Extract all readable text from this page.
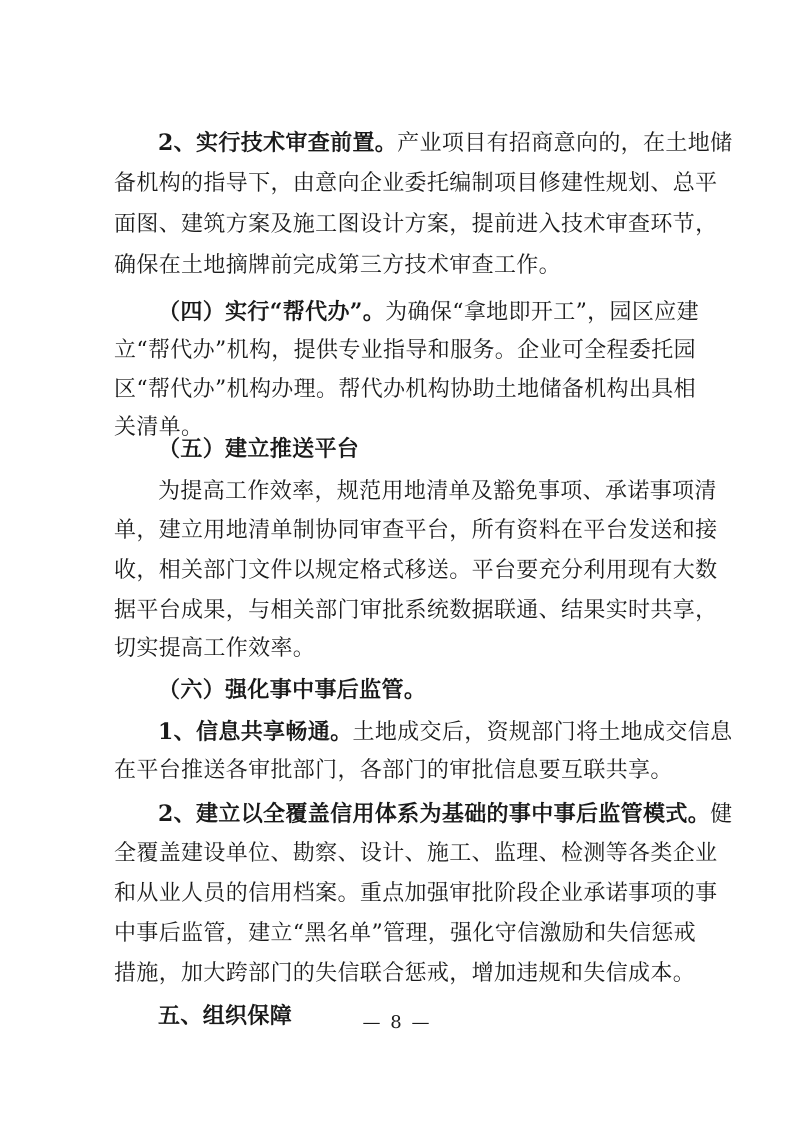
2、实行技术审查前置。产业项目有招商意向的，在土地储

备机构的指导下，由意向企业委托编制项目修建性规划、总平

面图、建筑方案及施工图设计方案，提前进入技术审查环节，

确保在土地摘牌前完成第三方技术审查工作。

（四）实行“帮代办”。为确保“拿地即开工”，园区应建

立“帮代办”机构，提供专业指导和服务。企业可全程委托园

区“帮代办”机构办理。帮代办机构协助土地储备机构出具相

关清单。

（五）建立推送平台

为提高工作效率，规范用地清单及豁免事项、承诺事项清

单，建立用地清单制协同审查平台，所有资料在平台发送和接

收，相关部门文件以规定格式移送。平台要充分利用现有大数

据平台成果，与相关部门审批系统数据联通、结果实时共享，

切实提高工作效率。

（六）强化事中事后监管。

1、信息共享畅通。土地成交后，资规部门将土地成交信息

在平台推送各审批部门，各部门的审批信息要互联共享。

2、建立以全覆盖信用体系为基础的事中事后监管模式。健

全覆盖建设单位、勘察、设计、施工、监理、检测等各类企业

和从业人员的信用档案。重点加强审批阶段企业承诺事项的事

中事后监管，建立“黑名单”管理，强化守信激励和失信惩戒

措施，加大跨部门的失信联合惩戒，增加违规和失信成本。

五、组织保障	— 8 —
